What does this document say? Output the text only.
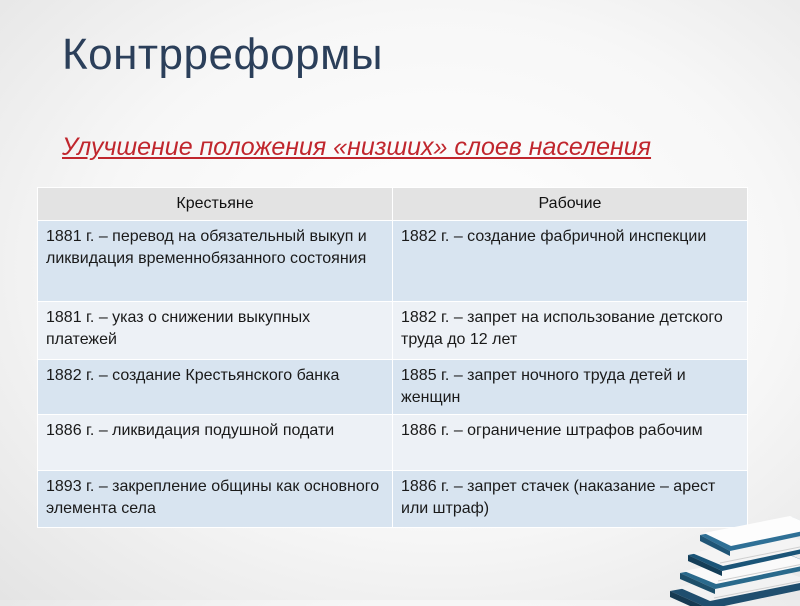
Контрреформы

Улучшение положения «низших» слоев населения

Крестьяне	Рабочие
1881 г. – перевод на обязательный выкуп и ликвидация временнобязанного состояния	1882 г. – создание фабричной инспекции
1881 г. – указ о снижении выкупных платежей	1882 г. – запрет на использование детского труда до 12 лет
1882 г. – создание Крестьянского банка	1885 г. – запрет ночного труда детей и женщин
1886 г. – ликвидация подушной подати	1886 г. – ограничение штрафов рабочим
1893 г. – закрепление общины как основного элемента села	1886 г. – запрет стачек (наказание – арест или штраф)
